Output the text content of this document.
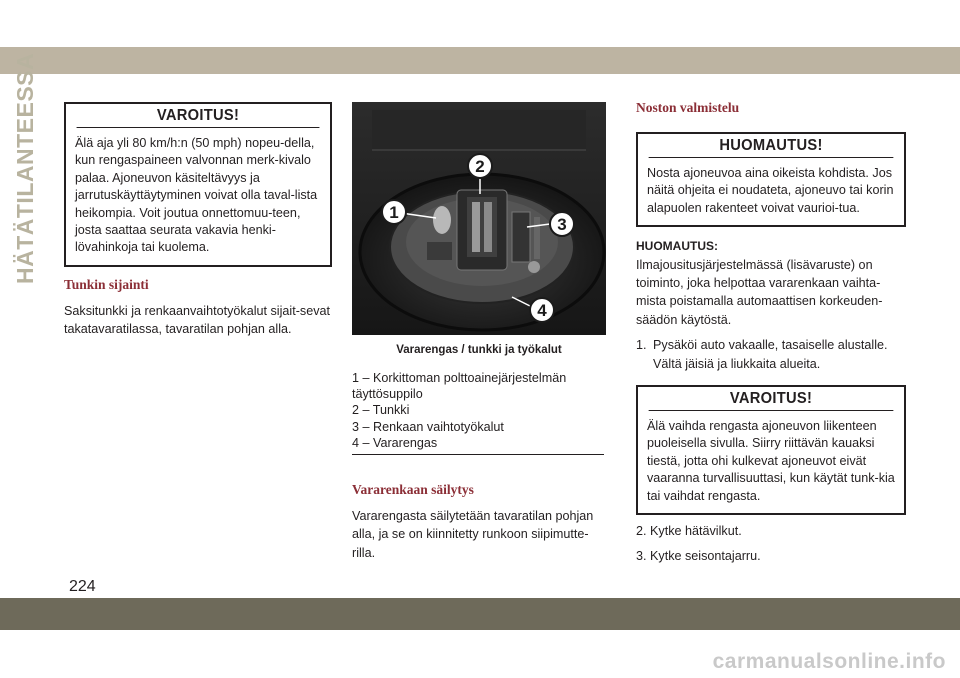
HÄTÄTILANTEESSA
224
carmanualsonline.info
VAROITUS!
Älä aja yli 80 km/h:n (50 mph) nopeu-della, kun rengaspaineen valvonnan merk-kivalo palaa. Ajoneuvon käsiteltävyys ja jarrutuskäyttäytyminen voivat olla taval-lista heikompia. Voit joutua onnettomuu-teen, josta saattaa seurata vakavia henki-lövahinkoja tai kuolema.
Tunkin sijainti
Saksitunkki ja renkaanvaihtotyökalut sijait-sevat takatavaratilassa, tavaratilan pohjan alla.
1
2
3
4
Vararengas / tunkki ja työkalut
1 – Korkittoman polttoainejärjestelmän täyttösuppilo
2 – Tunkki
3 – Renkaan vaihtotyökalut
4 – Vararengas
Vararenkaan säilytys
Vararengasta säilytetään tavaratilan pohjan alla, ja se on kiinnitetty runkoon siipimutte-rilla.
Noston valmistelu
HUOMAUTUS!
Nosta ajoneuvoa aina oikeista kohdista. Jos näitä ohjeita ei noudateta, ajoneuvo tai korin alapuolen rakenteet voivat vaurioi-tua.
HUOMAUTUS:
Ilmajousitusjärjestelmässä (lisävaruste) on toiminto, joka helpottaa vararenkaan vaihta-mista poistamalla automaattisen korkeuden-säädön käytöstä.
1. Pysäköi auto vakaalle, tasaiselle alustalle. Vältä jäisiä ja liukkaita alueita.
VAROITUS!
Älä vaihda rengasta ajoneuvon liikenteen puoleisella sivulla. Siirry riittävän kauaksi tiestä, jotta ohi kulkevat ajoneuvot eivät vaaranna turvallisuuttasi, kun käytät tunk-kia tai vaihdat rengasta.
2. Kytke hätävilkut.
3. Kytke seisontajarru.
